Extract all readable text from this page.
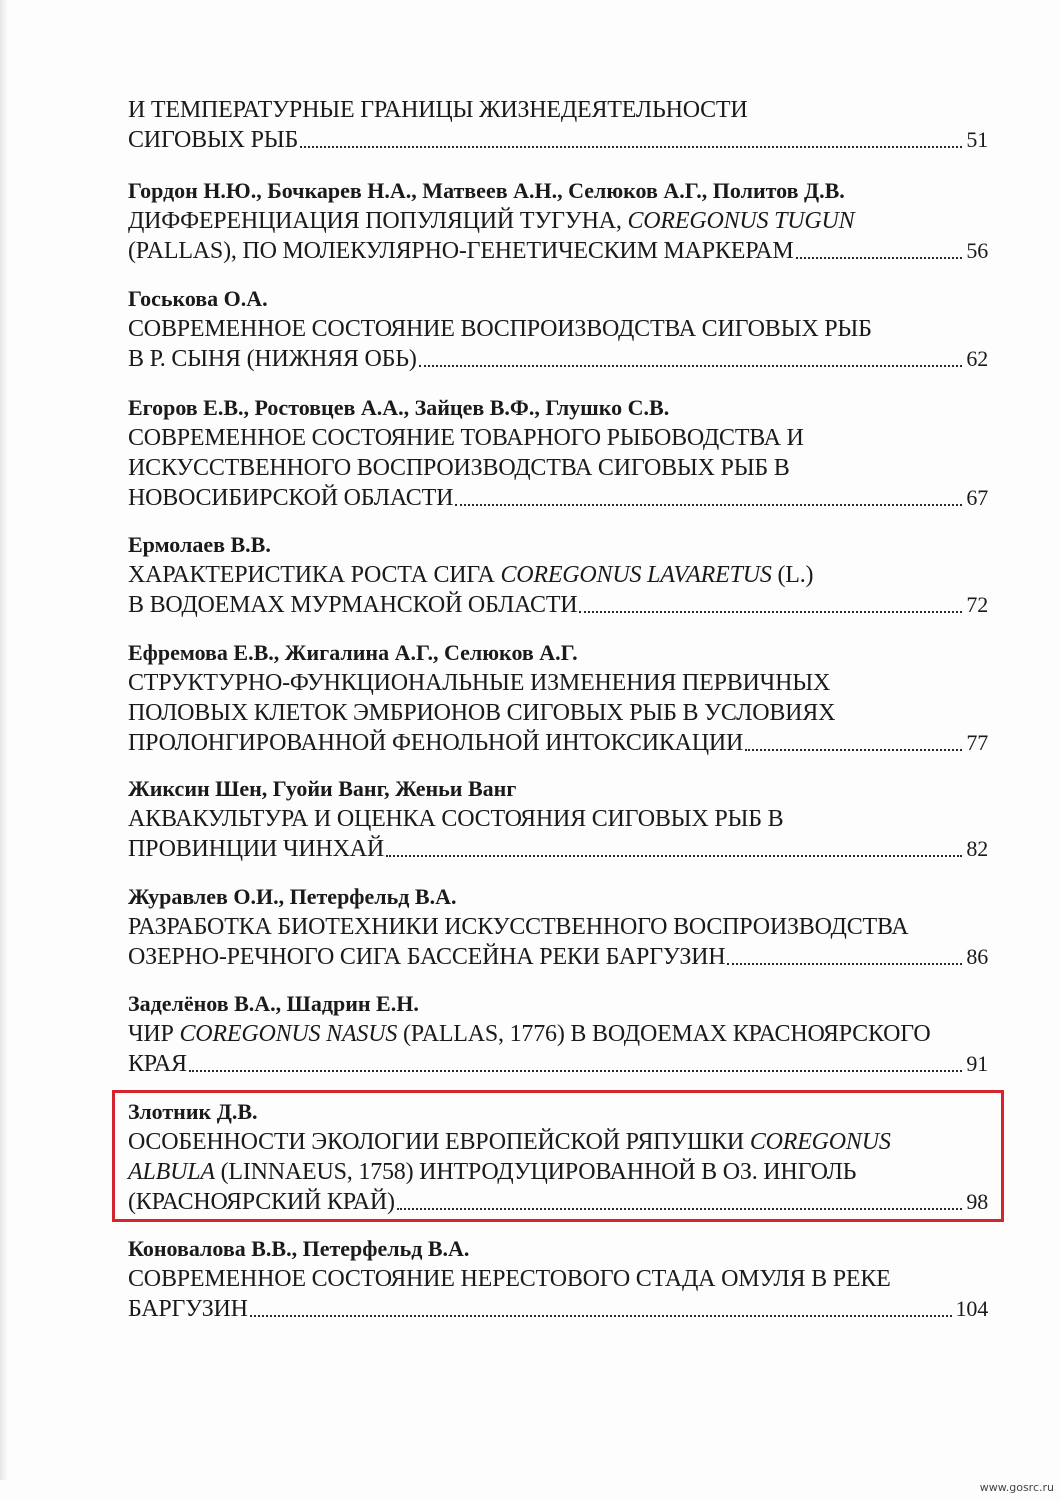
И ТЕМПЕРАТУРНЫЕ ГРАНИЦЫ ЖИЗНЕДЕЯТЕЛЬНОСТИ
СИГОВЫХ РЫБ	51
Гордон Н.Ю., Бочкарев Н.А., Матвеев А.Н., Селюков А.Г., Политов Д.В.
ДИФФЕРЕНЦИАЦИЯ ПОПУЛЯЦИЙ ТУГУНА, COREGONUS TUGUN
(PALLAS), ПО МОЛЕКУЛЯРНО-ГЕНЕТИЧЕСКИМ МАРКЕРАМ	56
Госькова О.А.
СОВРЕМЕННОЕ СОСТОЯНИЕ ВОСПРОИЗВОДСТВА СИГОВЫХ РЫБ
В Р. СЫНЯ (НИЖНЯЯ ОБЬ)	62
Егоров Е.В., Ростовцев А.А., Зайцев В.Ф., Глушко С.В.
СОВРЕМЕННОЕ СОСТОЯНИЕ ТОВАРНОГО РЫБОВОДСТВА И
ИСКУССТВЕННОГО ВОСПРОИЗВОДСТВА СИГОВЫХ РЫБ В
НОВОСИБИРСКОЙ ОБЛАСТИ	67
Ермолаев В.В.
ХАРАКТЕРИСТИКА РОСТА СИГА COREGONUS LAVARETUS (L.)
В ВОДОЕМАХ МУРМАНСКОЙ ОБЛАСТИ	72
Ефремова Е.В., Жигалина А.Г., Селюков А.Г.
СТРУКТУРНО-ФУНКЦИОНАЛЬНЫЕ ИЗМЕНЕНИЯ ПЕРВИЧНЫХ
ПОЛОВЫХ КЛЕТОК ЭМБРИОНОВ СИГОВЫХ РЫБ В УСЛОВИЯХ
ПРОЛОНГИРОВАННОЙ ФЕНОЛЬНОЙ ИНТОКСИКАЦИИ	77
Жиксин Шен, Гуойи Ванг, Женьи Ванг
АКВАКУЛЬТУРА И ОЦЕНКА СОСТОЯНИЯ СИГОВЫХ РЫБ В
ПРОВИНЦИИ ЧИНХАЙ	82
Журавлев О.И., Петерфельд В.А.
РАЗРАБОТКА БИОТЕХНИКИ ИСКУССТВЕННОГО ВОСПРОИЗВОДСТВА
ОЗЕРНО-РЕЧНОГО СИГА БАССЕЙНА РЕКИ БАРГУЗИН	86
Заделёнов В.А., Шадрин Е.Н.
ЧИР COREGONUS NASUS (PALLAS, 1776) В ВОДОЕМАХ КРАСНОЯРСКОГО
КРАЯ	91
Злотник Д.В.
ОСОБЕННОСТИ ЭКОЛОГИИ ЕВРОПЕЙСКОЙ РЯПУШКИ COREGONUS
ALBULA (LINNAEUS, 1758) ИНТРОДУЦИРОВАННОЙ В ОЗ. ИНГОЛЬ
(КРАСНОЯРСКИЙ КРАЙ)	98
Коновалова В.В., Петерфельд В.А.
СОВРЕМЕННОЕ СОСТОЯНИЕ НЕРЕСТОВОГО СТАДА ОМУЛЯ В РЕКЕ
БАРГУЗИН	104
www.gosrc.ru
